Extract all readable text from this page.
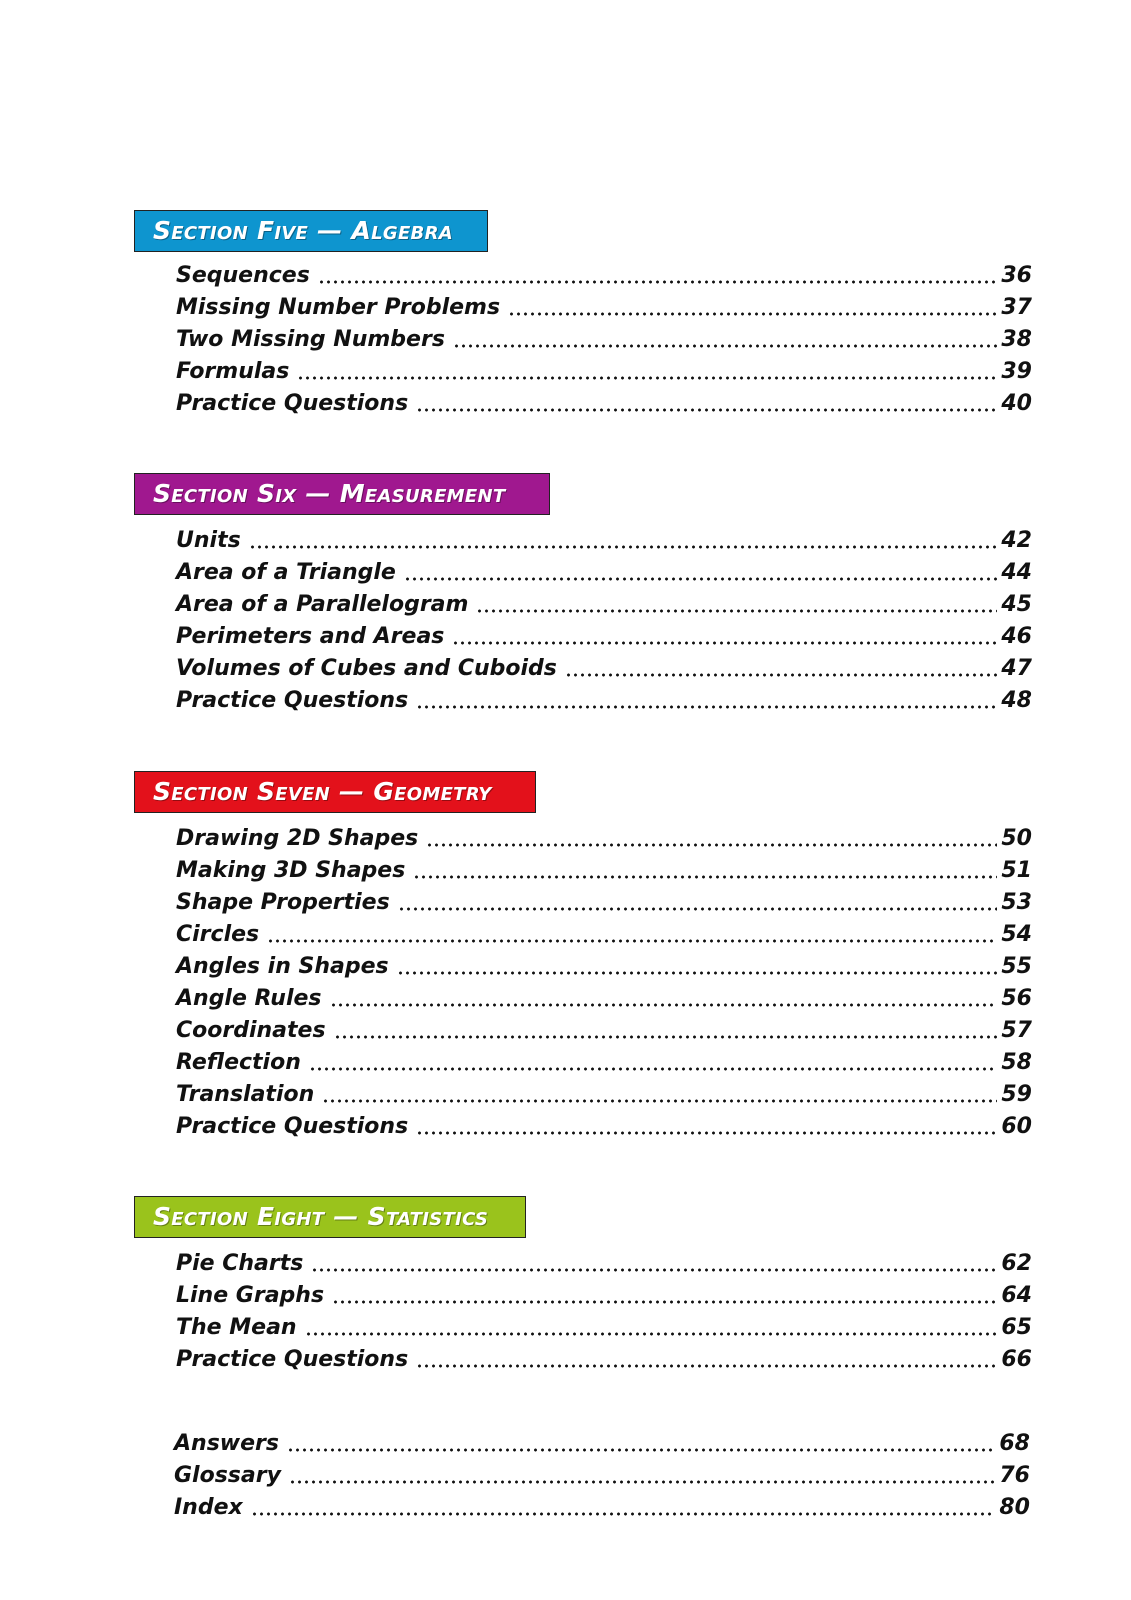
Section Five — Algebra
Sequences	36
Missing Number Problems	37
Two Missing Numbers	38
Formulas	39
Practice Questions	40
Section Six — Measurement
Units	42
Area of a Triangle	44
Area of a Parallelogram	45
Perimeters and Areas	46
Volumes of Cubes and Cuboids	47
Practice Questions	48
Section Seven — Geometry
Drawing 2D Shapes	50
Making 3D Shapes	51
Shape Properties	53
Circles	54
Angles in Shapes	55
Angle Rules	56
Coordinates	57
Reflection	58
Translation	59
Practice Questions	60
Section Eight — Statistics
Pie Charts	62
Line Graphs	64
The Mean	65
Practice Questions	66
Answers	68
Glossary	76
Index	80
